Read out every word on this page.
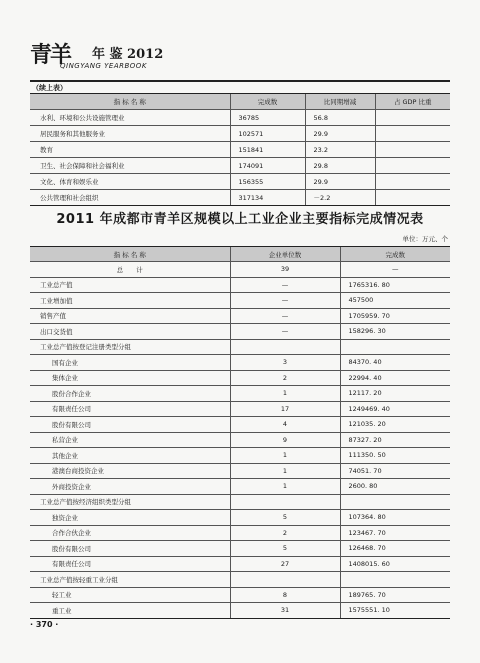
青羊 年 鉴 2012
QINGYANG YEARBOOK
（续上表）
指 标 名 称	完成数	比同期增减	占 GDP 比重
水利、环境和公共设施管理业	36785	56.8	
居民服务和其他服务业	102571	29.9	
教育	151841	23.2	
卫生、社会保障和社会福利业	174091	29.8	
文化、体育和娱乐业	156355	29.9	
公共管理和社会组织	317134	－2.2	
2011 年成都市青羊区规模以上工业企业主要指标完成情况表
单位：万元、个
指 标 名 称	企业单位数	完成数
总　　计	39	—
工业总产值	—	1765316. 80
工业增加值	—	457500
销售产值	—	1705959. 70
出口交货值	—	158296. 30
工业总产值按登记注册类型分组		
国有企业	3	84370. 40
集体企业	2	22994. 40
股份合作企业	1	12117. 20
有限责任公司	17	1249469. 40
股份有限公司	4	121035. 20
私营企业	9	87327. 20
其他企业	1	111350. 50
港澳台商投资企业	1	74051. 70
外商投资企业	1	2600. 80
工业总产值按经济组织类型分组		
独资企业	5	107364. 80
合作合伙企业	2	123467. 70
股份有限公司	5	126468. 70
有限责任公司	27	1408015. 60
工业总产值按轻重工业分组		
轻工业	8	189765. 70
重工业	31	1575551. 10
· 370 ·
